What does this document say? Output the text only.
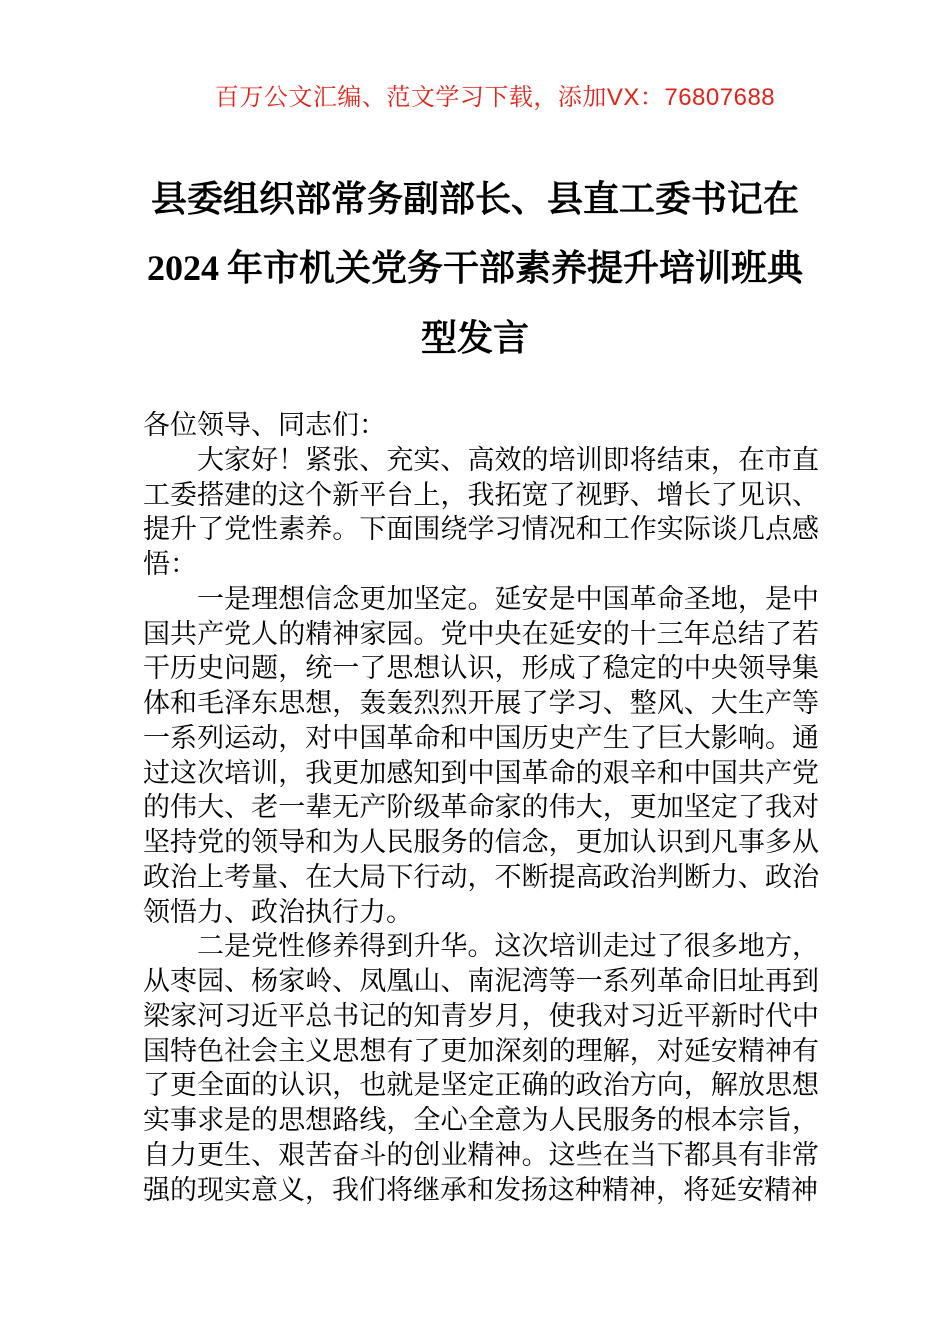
百万公文汇编、范文学习下载，添加VX：76807688
县委组织部常务副部长、县直工委书记在
2024 年市机关党务干部素养提升培训班典
型发言

各位领导、同志们：

大家好！紧张、充实、高效的培训即将结束，在市直工委搭建的这个新平台上，我拓宽了视野、增长了见识、提升了党性素养。下面围绕学习情况和工作实际谈几点感悟：

一是理想信念更加坚定。延安是中国革命圣地，是中国共产党人的精神家园。党中央在延安的十三年总结了若干历史问题，统一了思想认识，形成了稳定的中央领导集体和毛泽东思想，轰轰烈烈开展了学习、整风、大生产等一系列运动，对中国革命和中国历史产生了巨大影响。通过这次培训，我更加感知到中国革命的艰辛和中国共产党的伟大、老一辈无产阶级革命家的伟大，更加坚定了我对坚持党的领导和为人民服务的信念，更加认识到凡事多从政治上考量、在大局下行动，不断提高政治判断力、政治领悟力、政治执行力。

二是党性修养得到升华。这次培训走过了很多地方，从枣园、杨家岭、凤凰山、南泥湾等一系列革命旧址再到梁家河习近平总书记的知青岁月，使我对习近平新时代中国特色社会主义思想有了更加深刻的理解，对延安精神有了更全面的认识，也就是坚定正确的政治方向，解放思想实事求是的思想路线，全心全意为人民服务的根本宗旨，自力更生、艰苦奋斗的创业精神。这些在当下都具有非常强的现实意义，我们将继承和发扬这种精神，将延安精神
